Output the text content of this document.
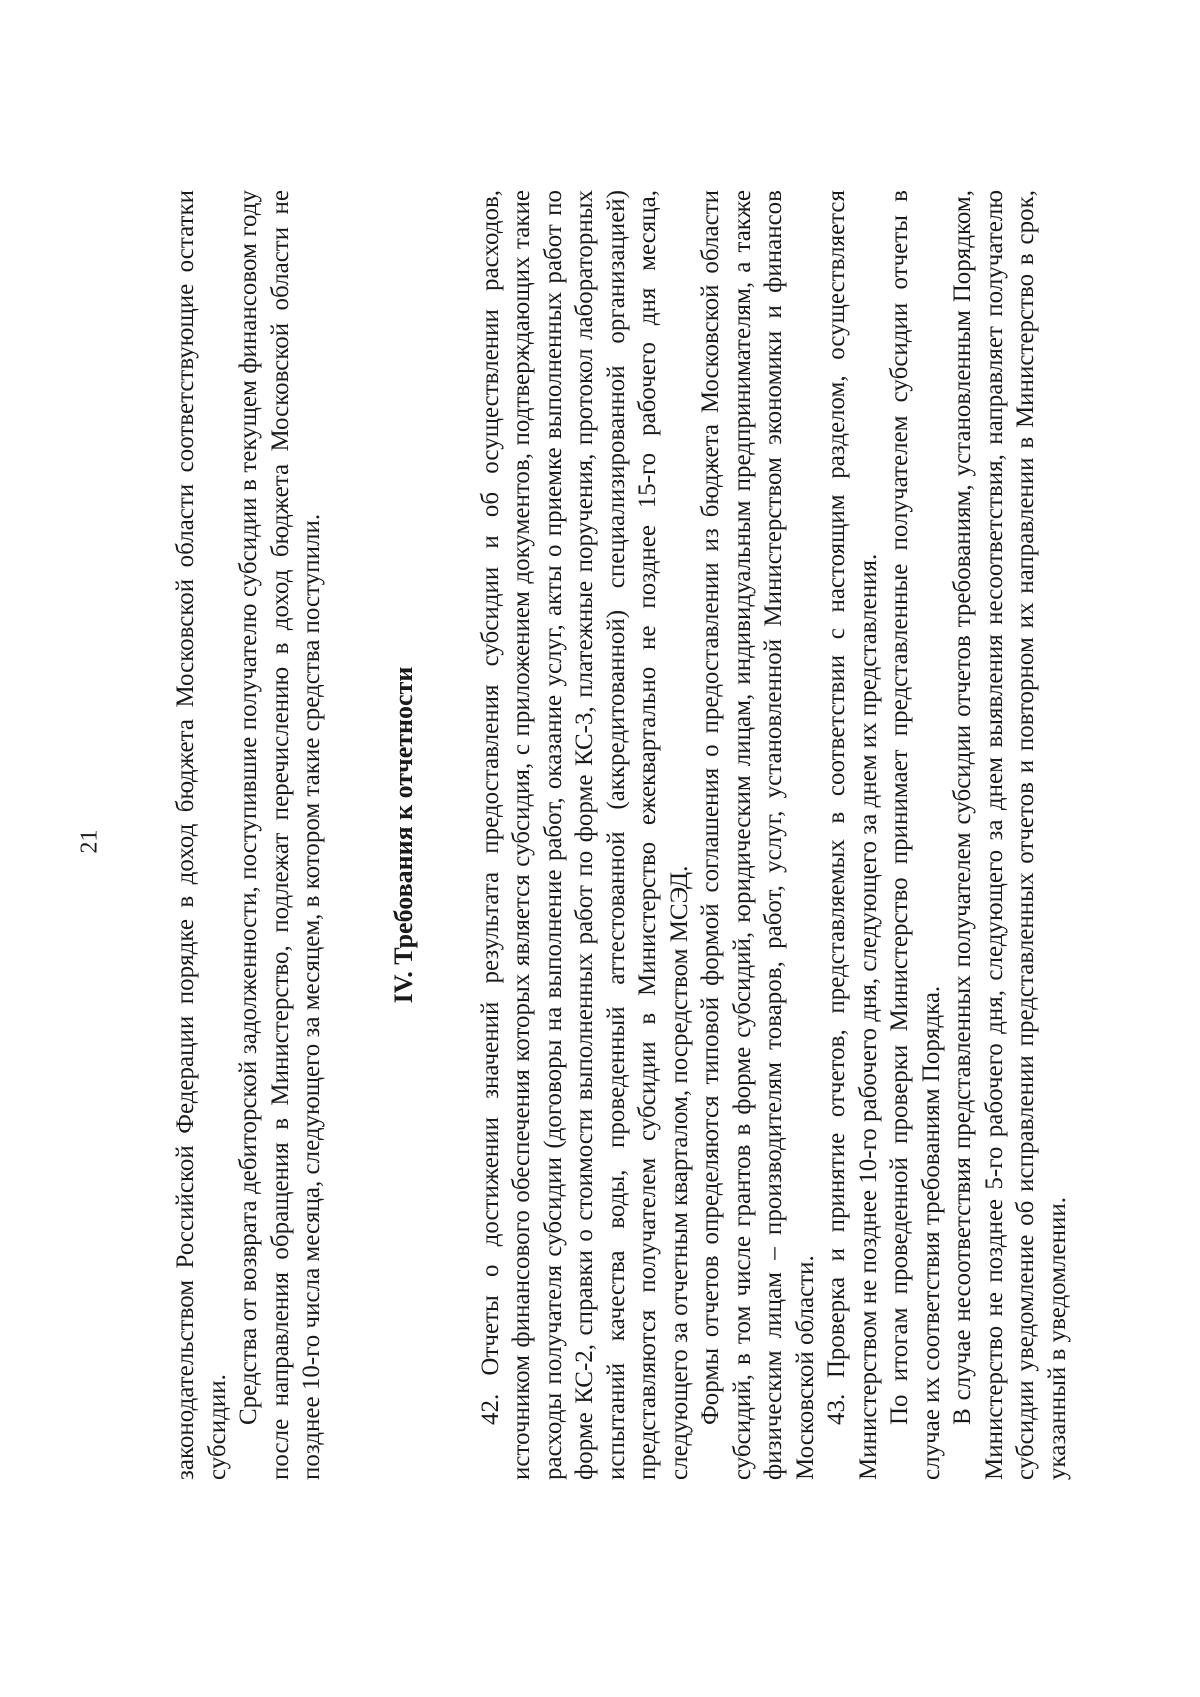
21	законодательством Российской Федерации порядке в доход бюджета Московской области соответствующие остатки субсидии.

Средства от возврата дебиторской задолженности, поступившие получателю субсидии в текущем финансовом году после направления обращения в Министерство, подлежат перечислению в доход бюджета Московской области не позднее 10-го числа месяца, следующего за месяцем, в котором такие средства поступили. IV. Требования к отчетности 42. Отчеты о достижении значений результата предоставления субсидии и об осуществлении расходов, источником финансового обеспечения которых является субсидия, с приложением документов, подтверждающих такие расходы получателя субсидии (договоры на выполнение работ, оказание услуг, акты о приемке выполненных работ по форме КС-2, справки о стоимости выполненных работ по форме КС-3, платежные поручения, протокол лабораторных испытаний качества воды, проведенный аттестованной (аккредитованной) специализированной организацией) представляются получателем субсидии в Министерство ежеквартально не позднее 15-го рабочего дня месяца, следующего за отчетным кварталом, посредством МСЭД. Формы отчетов определяются типовой формой соглашения о предоставлении из бюджета Московской области субсидий, в том числе грантов в форме субсидий, юридическим лицам, индивидуальным предпринимателям, а также физическим лицам – производителям товаров, работ, услуг, установленной Министерством экономики и финансов Московской области. 43. Проверка и принятие отчетов, представляемых в соответствии с настоящим разделом, осуществляется Министерством не позднее 10-го рабочего дня, следующего за днем их представления. По итогам проведенной проверки Министерство принимает представленные получателем субсидии отчеты в случае их соответствия требованиям Порядка. В случае несоответствия представленных получателем субсидии отчетов требованиям, установленным Порядком, Министерство не позднее 5-го рабочего дня, следующего за днем выявления несоответствия, направляет получателю субсидии уведомление об исправлении представленных отчетов и повторном их направлении в Министерство в срок, указанный в уведомлении.
